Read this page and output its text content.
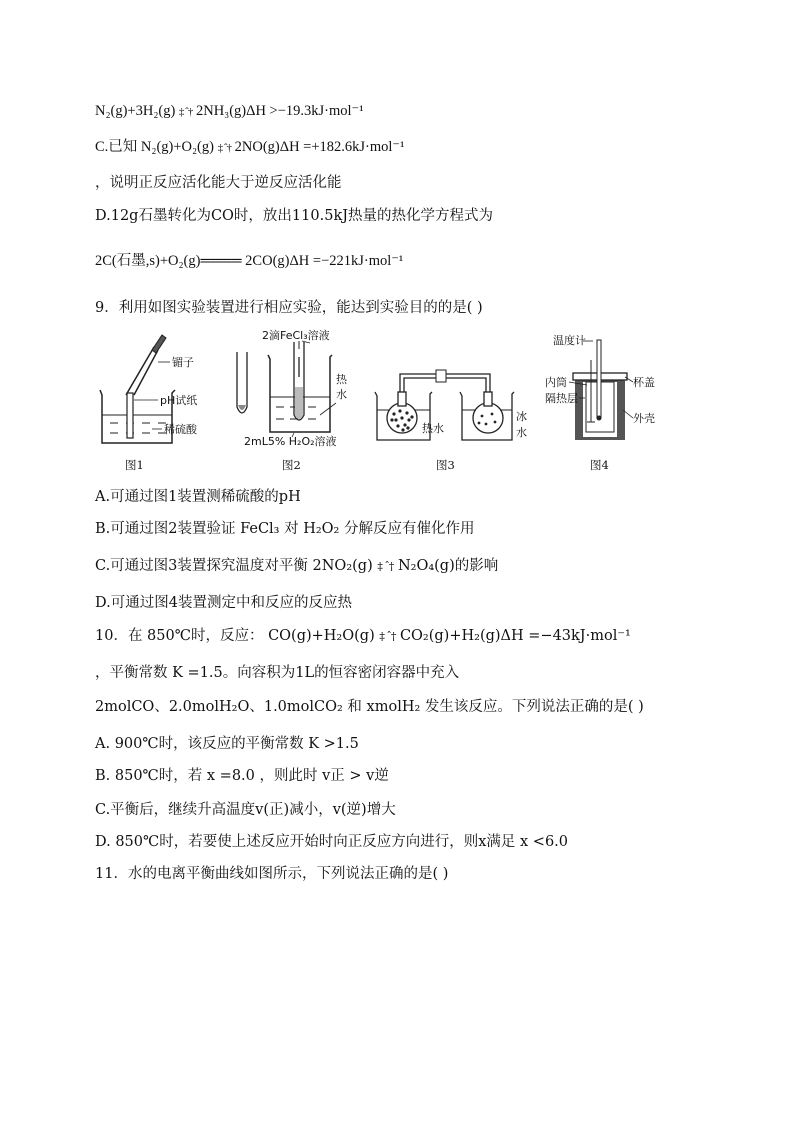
N₂(g)+3H₂(g) ‡ ˆ† 2NH₃(g)ΔH >−19.3kJ·mol⁻¹
C.已知 N₂(g)+O₂(g) ‡ ˆ† 2NO(g)ΔH =+182.6kJ·mol⁻¹
，说明正反应活化能大于逆反应活化能
D.12g石墨转化为CO时，放出110.5kJ热量的热化学方程式为
2C(石墨,s)+O₂(g)════ 2CO(g)ΔH =−221kJ·mol⁻¹
9．利用如图实验装置进行相应实验，能达到实验目的的是( )
镅子
pH试纸
稀硫酸
图1
2滴FeCl₃溶液
热
水
2mL5% H₂O₂溶液
图2
热水
冰
水
图3
温度计
内筒
隔热层
杯盖
外壳
图4
A.可通过图1装置测稀硫酸的pH
B.可通过图2装置验证 FeCl₃ 对 H₂O₂ 分解反应有催化作用
C.可通过图3装置探究温度对平衡 2NO₂(g) ‡ ˆ† N₂O₄(g)的影响
D.可通过图4装置测定中和反应的反应热
10．在 850℃时，反应： CO(g)+H₂O(g) ‡ ˆ† CO₂(g)+H₂(g)ΔH =−43kJ·mol⁻¹
，平衡常数 K =1.5。向容积为1L的恒容密闭容器中充入
2molCO、2.0molH₂O、1.0molCO₂ 和 xmolH₂ 发生该反应。下列说法正确的是( )
A. 900℃时，该反应的平衡常数 K >1.5
B. 850℃时，若 x =8.0 ，则此时 v正 > v逆
C.平衡后，继续升高温度v(正)减小，v(逆)增大
D. 850℃时，若要使上述反应开始时向正反应方向进行，则x满足 x <6.0
11．水的电离平衡曲线如图所示，下列说法正确的是( )
